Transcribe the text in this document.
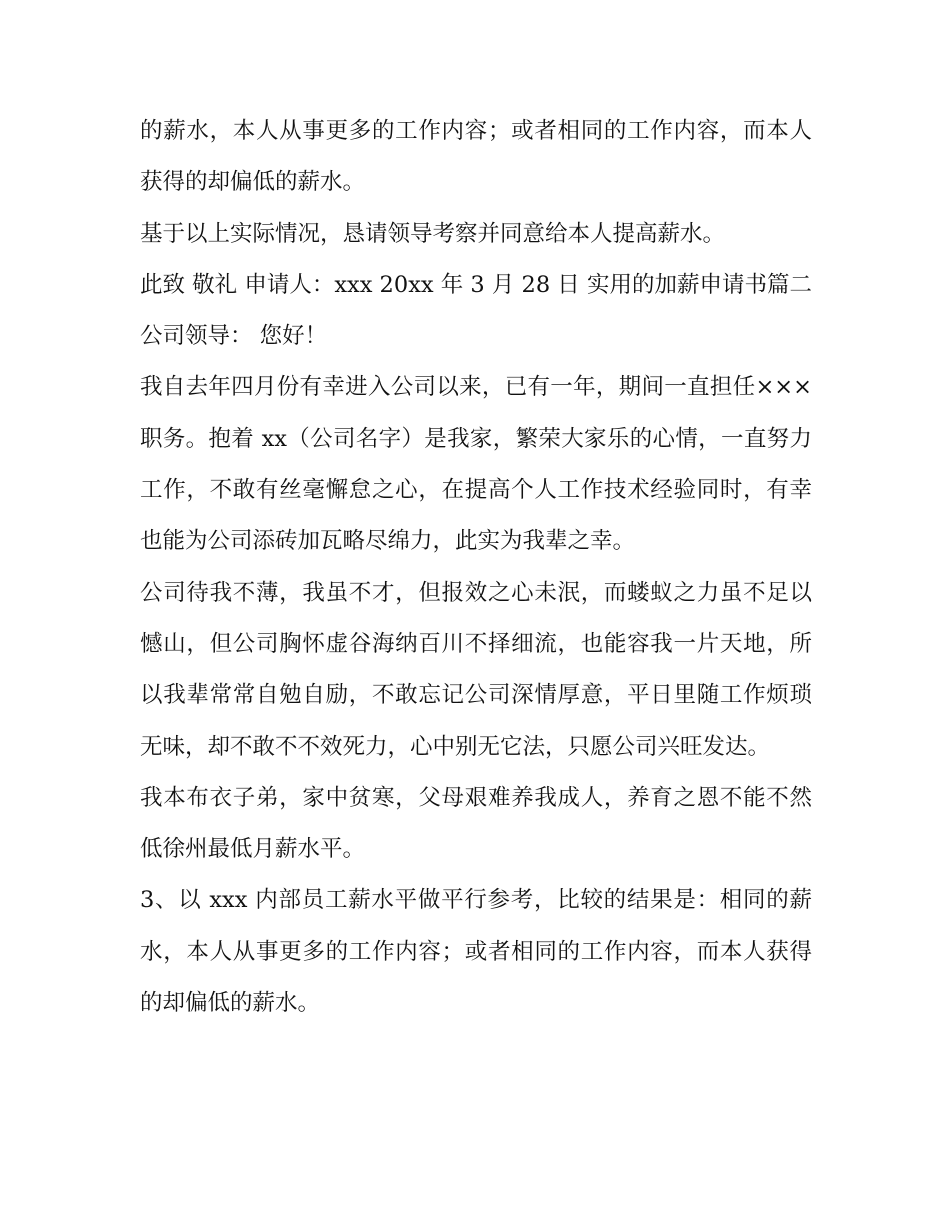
的薪水，本人从事更多的工作内容；或者相同的工作内容，而本人获得的却偏低的薪水。

基于以上实际情况，恳请领导考察并同意给本人提高薪水。

此致 敬礼 申请人：xxx 20xx 年 3 月 28 日 实用的加薪申请书篇二 公司领导： 您好！

我自去年四月份有幸进入公司以来，已有一年，期间一直担任×××职务。抱着 xx（公司名字）是我家，繁荣大家乐的心情，一直努力工作，不敢有丝毫懈怠之心，在提高个人工作技术经验同时，有幸也能为公司添砖加瓦略尽绵力，此实为我辈之幸。

公司待我不薄，我虽不才，但报效之心未泯，而蝼蚁之力虽不足以憾山，但公司胸怀虚谷海纳百川不择细流，也能容我一片天地，所以我辈常常自勉自励，不敢忘记公司深情厚意，平日里随工作烦琐无味，却不敢不不效死力，心中别无它法，只愿公司兴旺发达。

我本布衣子弟，家中贫寒，父母艰难养我成人，养育之恩不能不然低徐州最低月薪水平。

3、以 xxx 内部员工薪水平做平行参考，比较的结果是：相同的薪水，本人从事更多的工作内容；或者相同的工作内容，而本人获得的却偏低的薪水。
